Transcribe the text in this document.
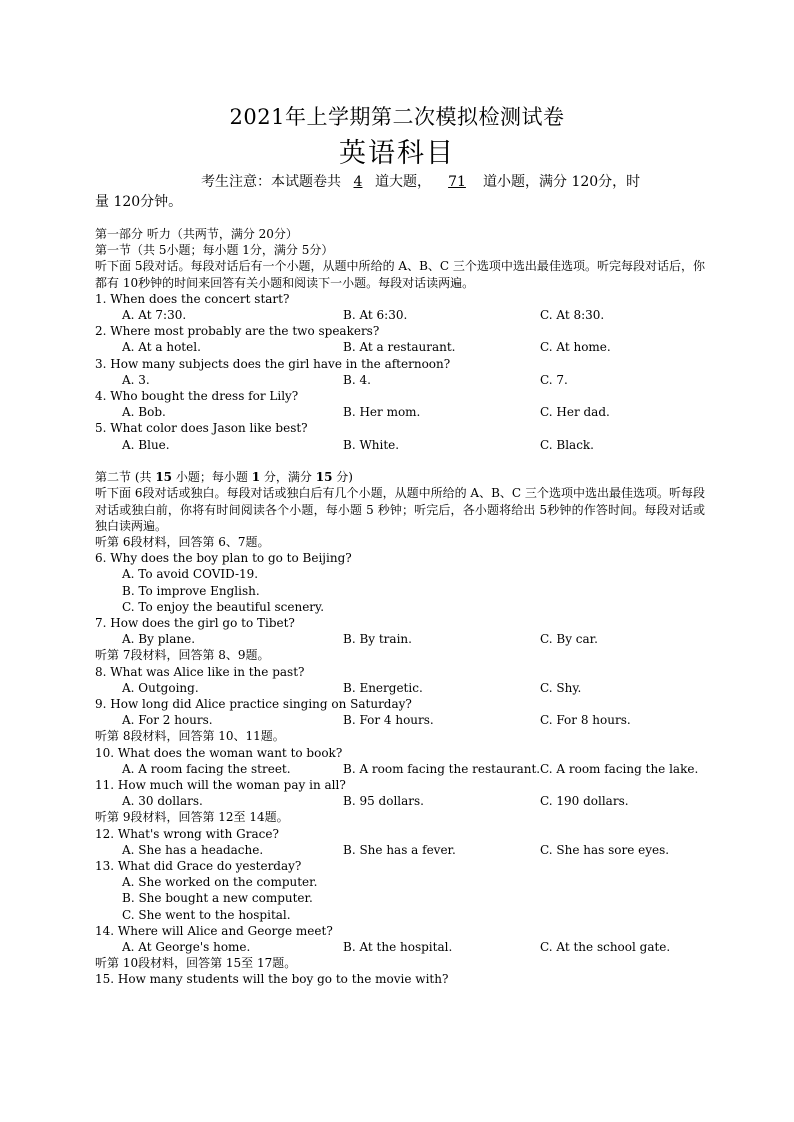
2021年上学期第二次模拟检测试卷
英语科目
考生注意：本试题卷共 4 道大题， 71 道小题，满分 120分，时
量 120分钟。
第一部分 听力（共两节，满分 20分）
第一节（共 5小题；每小题 1分，满分 5分）
听下面 5段对话。每段对话后有一个小题，从题中所给的 A、B、C 三个选项中选出最佳选项。听完每段对话后，你都有 10秒钟的时间来回答有关小题和阅读下一小题。每段对话读两遍。
1. When does the concert start?
A. At 7:30.	B. At 6:30.	C. At 8:30.
2. Where most probably are the two speakers?
A. At a hotel.	B. At a restaurant.	C. At home.
3. How many subjects does the girl have in the afternoon?
A. 3.	B. 4.	C. 7.
4. Who bought the dress for Lily?
A. Bob.	B. Her mom.	C. Her dad.
5. What color does Jason like best?
A. Blue.	B. White.	C. Black.
第二节 (共 15 小题；每小题 1 分，满分 15 分)
听下面 6段对话或独白。每段对话或独白后有几个小题，从题中所给的 A、B、C 三个选项中选出最佳选项。听每段对话或独白前，你将有时间阅读各个小题，每小题 5 秒钟；听完后，各小题将给出 5秒钟的作答时间。每段对话或独白读两遍。
听第 6段材料，回答第 6、7题。
6. Why does the boy plan to go to Beijing?
A. To avoid COVID-19.
B. To improve English.
C. To enjoy the beautiful scenery.
7. How does the girl go to Tibet?
A. By plane.	B. By train.	C. By car.
听第 7段材料，回答第 8、9题。
8. What was Alice like in the past?
A. Outgoing.	B. Energetic.	C. Shy.
9. How long did Alice practice singing on Saturday?
A. For 2 hours.	B. For 4 hours.	C. For 8 hours.
听第 8段材料，回答第 10、11题。
10. What does the woman want to book?
A. A room facing the street.	B. A room facing the restaurant. C. A room facing the lake.
11. How much will the woman pay in all?
A. 30 dollars.	B. 95 dollars.	C. 190 dollars.
听第 9段材料，回答第 12至 14题。
12. What's wrong with Grace?
A. She has a headache.	B. She has a fever.	C. She has sore eyes.
13. What did Grace do yesterday?
A. She worked on the computer.
B. She bought a new computer.
C. She went to the hospital.
14. Where will Alice and George meet?
A. At George's home.	B. At the hospital.	C. At the school gate.
听第 10段材料，回答第 15至 17题。
15. How many students will the boy go to the movie with?
